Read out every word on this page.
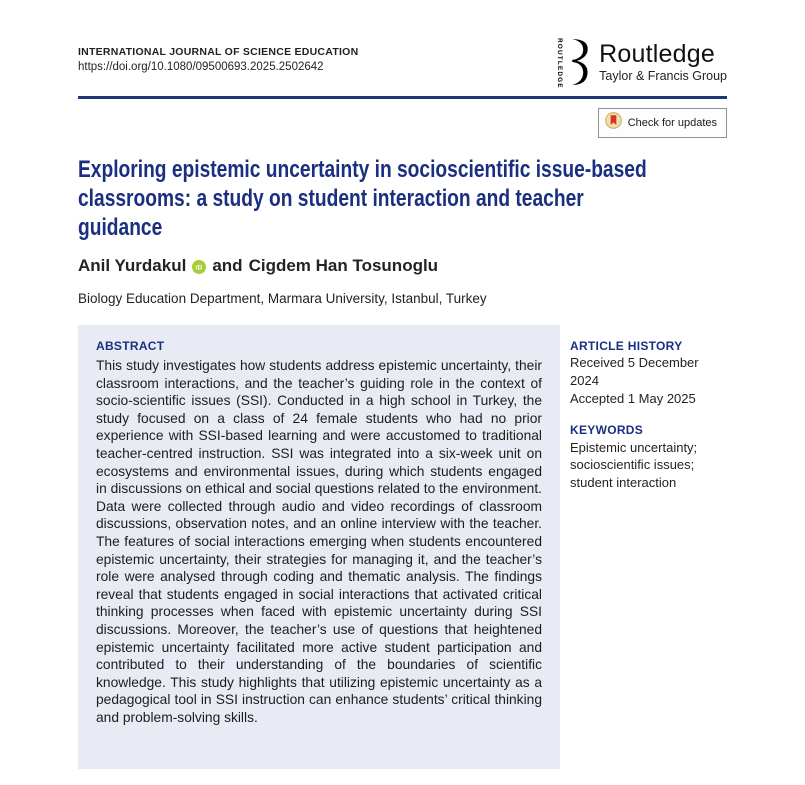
INTERNATIONAL JOURNAL OF SCIENCE EDUCATION
https://doi.org/10.1080/09500693.2025.2502642	ROUTLEDGE Routledge
Taylor & Francis Group
Check for updates
Exploring epistemic uncertainty in socioscientific issue-based
classrooms: a study on student interaction and teacher
guidance
Anil Yurdakul iD and Cigdem Han Tosunoglu
Biology Education Department, Marmara University, Istanbul, Turkey
ABSTRACT
This study investigates how students address epistemic uncertainty, their classroom interactions, and the teacher’s guiding role in the context of socio-scientific issues (SSI). Conducted in a high school in Turkey, the study focused on a class of 24 female students who had no prior experience with SSI-based learning and were accustomed to traditional teacher-centred instruction. SSI was integrated into a six-week unit on ecosystems and environmental issues, during which students engaged in discussions on ethical and social questions related to the environment. Data were collected through audio and video recordings of classroom discussions, observation notes, and an online interview with the teacher. The features of social interactions emerging when students encountered epistemic uncertainty, their strategies for managing it, and the teacher’s role were analysed through coding and thematic analysis. The findings reveal that students engaged in social interactions that activated critical thinking processes when faced with epistemic uncertainty during SSI discussions. Moreover, the teacher’s use of questions that heightened epistemic uncertainty facilitated more active student participation and contributed to their understanding of the boundaries of scientific knowledge. This study highlights that utilizing epistemic uncertainty as a pedagogical tool in SSI instruction can enhance students’ critical thinking and problem-solving skills.
ARTICLE HISTORY
Received 5 December 2024
Accepted 1 May 2025
KEYWORDS
Epistemic uncertainty; socioscientific issues; student interaction
